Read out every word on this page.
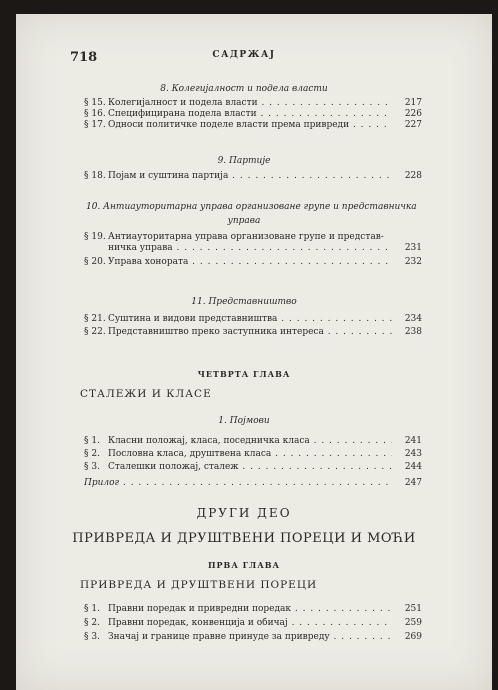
718	САДРЖАЈ
8. Колегијалност и подела власти
§ 15. Колегијалност и подела власти . . .	217
§ 16. Специфицирана подела власти . . .	226
§ 17. Односи политичке поделе власти према привреди . . .	227
9. Партије
§ 18. Појам и суштина партија . . .	228
10. Антиауторитарна управа организоване групе и представничка
управа
§ 19. Антиауторитарна управа организоване групе и представ-
ничка управа . . .	231
§ 20. Управа хонората . . .	232
11. Представништво
§ 21. Суштина и видови представништва . . .	234
§ 22. Представништво преко заступника интереса . . .	238
ЧЕТВРТА ГЛАВА
СТАЛЕЖИ И КЛАСЕ
1. Појмови
§ 1. Класни положај, класа, поседничка класа . . .	241
§ 2. Пословна класа, друштвена класа . . .	243
§ 3. Сталешки положај, сталеж . . .	244
Прилог . . .	247
ДРУГИ ДЕО
ПРИВРЕДА И ДРУШТВЕНИ ПОРЕЦИ И МОЋИ
ПРВА ГЛАВА
ПРИВРЕДА И ДРУШТВЕНИ ПОРЕЦИ
§ 1. Правни поредак и привредни поредак . . .	251
§ 2. Правни поредак, конвенција и обичај . . .	259
§ 3. Значај и границе правне принуде за привреду . . .	269
